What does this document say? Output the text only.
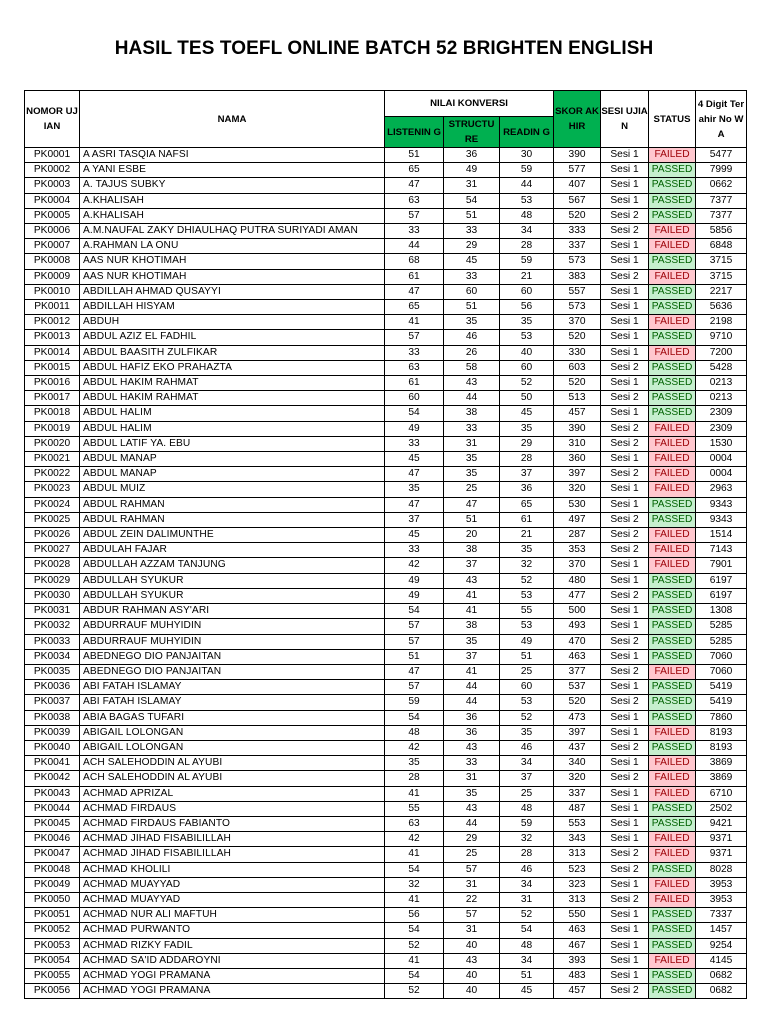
HASIL TES TOEFL ONLINE BATCH 52 BRIGHTEN ENGLISH
NOMOR UJIAN	NAMA	NILAI KONVERSI			SKOR AKHIR	SESI UJIAN	STATUS	4 Digit Terahir No WA
		LISTENIN G	STRUCTU RE	READIN G				
PK0001	A ASRI TASQIA NAFSI	51	36	30	390	Sesi 1	FAILED	5477
PK0002	A YANI ESBE	65	49	59	577	Sesi 1	PASSED	7999
PK0003	A. TAJUS SUBKY	47	31	44	407	Sesi 1	PASSED	0662
PK0004	A.KHALISAH	63	54	53	567	Sesi 1	PASSED	7377
PK0005	A.KHALISAH	57	51	48	520	Sesi 2	PASSED	7377
PK0006	A.M.NAUFAL ZAKY DHIAULHAQ PUTRA SURIYADI AMAN	33	33	34	333	Sesi 2	FAILED	5856
PK0007	A.RAHMAN LA ONU	44	29	28	337	Sesi 1	FAILED	6848
PK0008	AAS NUR KHOTIMAH	68	45	59	573	Sesi 1	PASSED	3715
PK0009	AAS NUR KHOTIMAH	61	33	21	383	Sesi 2	FAILED	3715
PK0010	ABDILLAH AHMAD QUSAYYI	47	60	60	557	Sesi 1	PASSED	2217
PK0011	ABDILLAH HISYAM	65	51	56	573	Sesi 1	PASSED	5636
PK0012	ABDUH	41	35	35	370	Sesi 1	FAILED	2198
PK0013	ABDUL AZIZ EL FADHIL	57	46	53	520	Sesi 1	PASSED	9710
PK0014	ABDUL BAASITH ZULFIKAR	33	26	40	330	Sesi 1	FAILED	7200
PK0015	ABDUL HAFIZ EKO PRAHAZTA	63	58	60	603	Sesi 2	PASSED	5428
PK0016	ABDUL HAKIM RAHMAT	61	43	52	520	Sesi 1	PASSED	0213
PK0017	ABDUL HAKIM RAHMAT	60	44	50	513	Sesi 2	PASSED	0213
PK0018	ABDUL HALIM	54	38	45	457	Sesi 1	PASSED	2309
PK0019	ABDUL HALIM	49	33	35	390	Sesi 2	FAILED	2309
PK0020	ABDUL LATIF YA. EBU	33	31	29	310	Sesi 2	FAILED	1530
PK0021	ABDUL MANAP	45	35	28	360	Sesi 1	FAILED	0004
PK0022	ABDUL MANAP	47	35	37	397	Sesi 2	FAILED	0004
PK0023	ABDUL MUIZ	35	25	36	320	Sesi 1	FAILED	2963
PK0024	ABDUL RAHMAN	47	47	65	530	Sesi 1	PASSED	9343
PK0025	ABDUL RAHMAN	37	51	61	497	Sesi 2	PASSED	9343
PK0026	ABDUL ZEIN DALIMUNTHE	45	20	21	287	Sesi 2	FAILED	1514
PK0027	ABDULAH FAJAR	33	38	35	353	Sesi 2	FAILED	7143
PK0028	ABDULLAH AZZAM TANJUNG	42	37	32	370	Sesi 1	FAILED	7901
PK0029	ABDULLAH SYUKUR	49	43	52	480	Sesi 1	PASSED	6197
PK0030	ABDULLAH SYUKUR	49	41	53	477	Sesi 2	PASSED	6197
PK0031	ABDUR RAHMAN ASY'ARI	54	41	55	500	Sesi 1	PASSED	1308
PK0032	ABDURRAUF MUHYIDIN	57	38	53	493	Sesi 1	PASSED	5285
PK0033	ABDURRAUF MUHYIDIN	57	35	49	470	Sesi 2	PASSED	5285
PK0034	ABEDNEGO DIO PANJAITAN	51	37	51	463	Sesi 1	PASSED	7060
PK0035	ABEDNEGO DIO PANJAITAN	47	41	25	377	Sesi 2	FAILED	7060
PK0036	ABI FATAH ISLAMAY	57	44	60	537	Sesi 1	PASSED	5419
PK0037	ABI FATAH ISLAMAY	59	44	53	520	Sesi 2	PASSED	5419
PK0038	ABIA BAGAS TUFARI	54	36	52	473	Sesi 1	PASSED	7860
PK0039	ABIGAIL LOLONGAN	48	36	35	397	Sesi 1	FAILED	8193
PK0040	ABIGAIL LOLONGAN	42	43	46	437	Sesi 2	PASSED	8193
PK0041	ACH SALEHODDIN AL AYUBI	35	33	34	340	Sesi 1	FAILED	3869
PK0042	ACH SALEHODDIN AL AYUBI	28	31	37	320	Sesi 2	FAILED	3869
PK0043	ACHMAD APRIZAL	41	35	25	337	Sesi 1	FAILED	6710
PK0044	ACHMAD FIRDAUS	55	43	48	487	Sesi 1	PASSED	2502
PK0045	ACHMAD FIRDAUS FABIANTO	63	44	59	553	Sesi 1	PASSED	9421
PK0046	ACHMAD JIHAD FISABILILLAH	42	29	32	343	Sesi 1	FAILED	9371
PK0047	ACHMAD JIHAD FISABILILLAH	41	25	28	313	Sesi 2	FAILED	9371
PK0048	ACHMAD KHOLILI	54	57	46	523	Sesi 2	PASSED	8028
PK0049	ACHMAD MUAYYAD	32	31	34	323	Sesi 1	FAILED	3953
PK0050	ACHMAD MUAYYAD	41	22	31	313	Sesi 2	FAILED	3953
PK0051	ACHMAD NUR ALI MAFTUH	56	57	52	550	Sesi 1	PASSED	7337
PK0052	ACHMAD PURWANTO	54	31	54	463	Sesi 1	PASSED	1457
PK0053	ACHMAD RIZKY FADIL	52	40	48	467	Sesi 1	PASSED	9254
PK0054	ACHMAD SA'ID ADDAROYNI	41	43	34	393	Sesi 1	FAILED	4145
PK0055	ACHMAD YOGI PRAMANA	54	40	51	483	Sesi 1	PASSED	0682
PK0056	ACHMAD YOGI PRAMANA	52	40	45	457	Sesi 2	PASSED	0682
